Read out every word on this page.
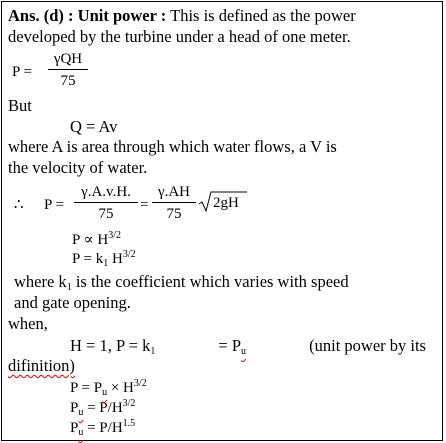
Ans. (d) : Unit power : This is defined as the power
developed by the turbine under a head of one meter.
P =
γQH
75
But
Q = Av
where A is area through which water flows, a V is
the velocity of water.
∴ $P = \frac{\gamma.A.v.H.}{75} = \frac{\gamma.AH}{75} 2gH$
$P \propto H^{3/2}$
$P = k_1$ $H^{3/2}$
where $k_1$ is the coefficient which varies with speed
and gate opening.
when,
H = 1, $P = k_1$	= $P_u$	(unit power by its
difinition)
$P = P_u \times H^{3/2}$
$P_u = P/H^{3/2}$
$P_u = P/H^{1.5}$
